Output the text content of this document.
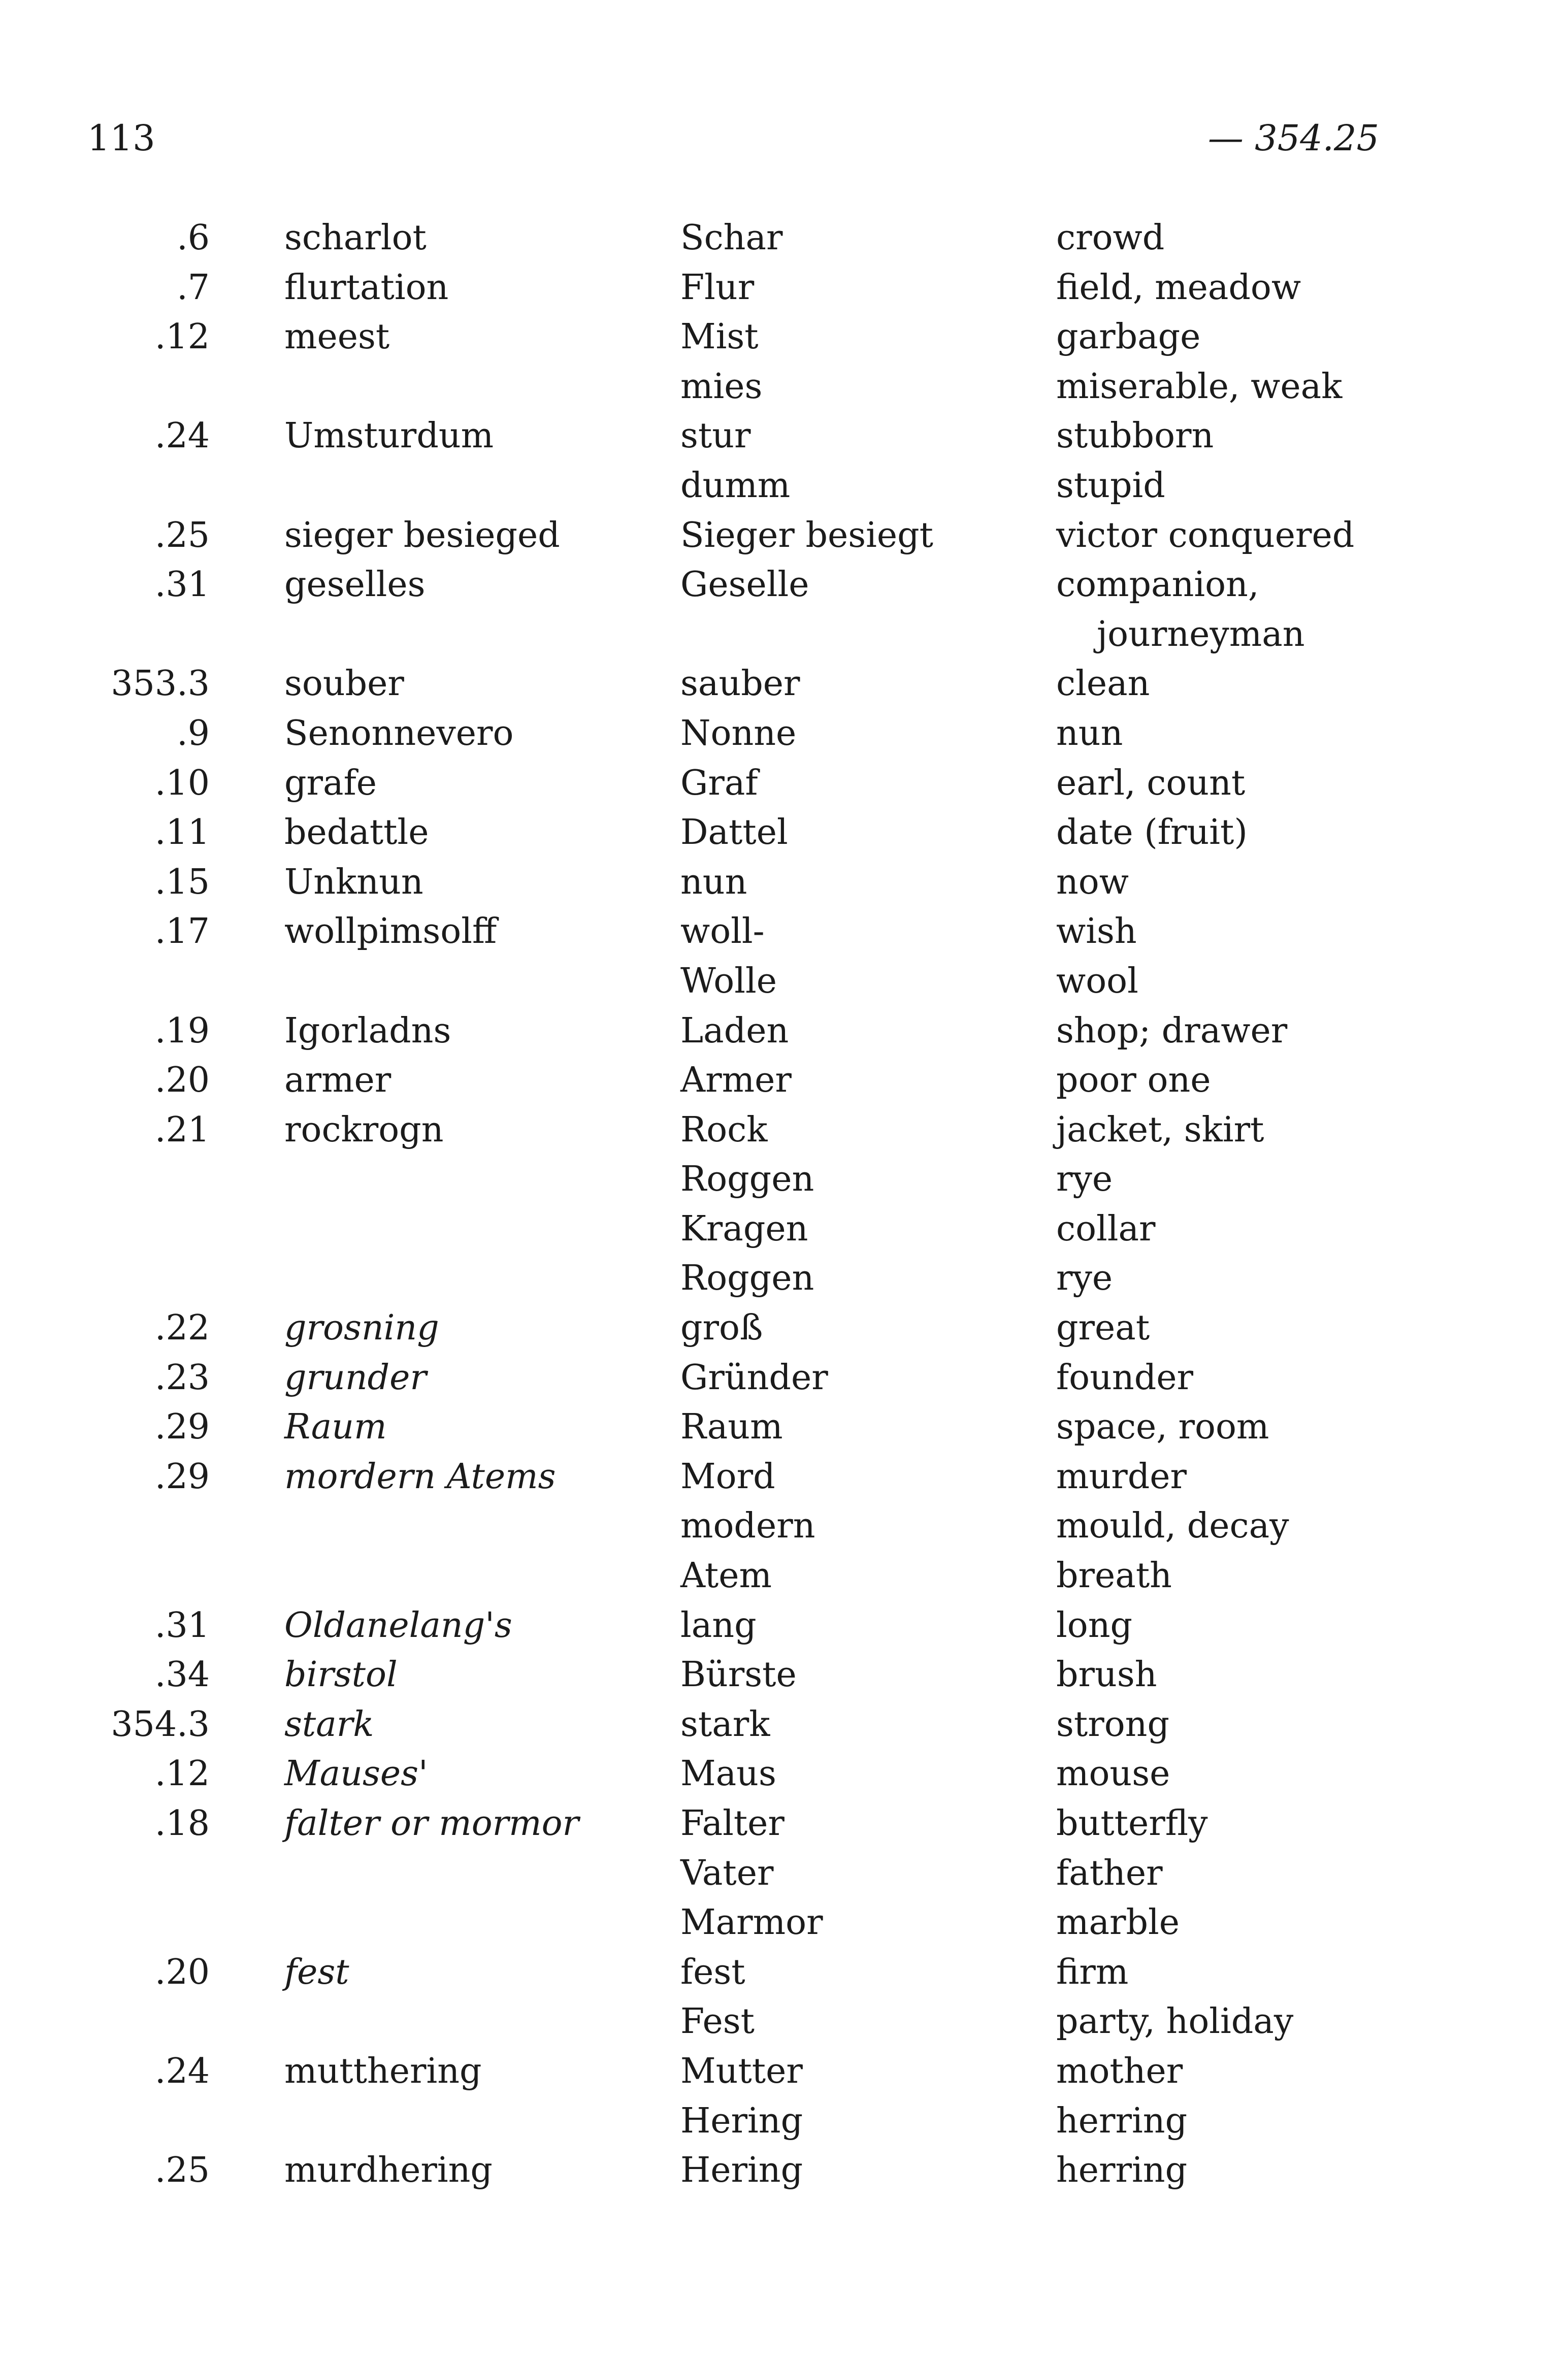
113	— 354.25
.6 scharlot	Schar	crowd
.7 flurtation	Flur	field, meadow
.12 meest	Mist	garbage
mies	miserable, weak
.24 Umsturdum	stur	stubborn
dumm	stupid
.25 sieger besieged	Sieger besiegt	victor conquered
.31 geselles	Geselle	companion,
journeyman
353.3 souber	sauber	clean
.9 Senonnevero	Nonne	nun
.10 grafe	Graf	earl, count
.11 bedattle	Dattel	date (fruit)
.15 Unknun	nun	now
.17 wollpimsolff	woll-	wish
Wolle	wool
.19 Igorladns	Laden	shop; drawer
.20 armer	Armer	poor one
.21 rockrogn	Rock	jacket, skirt
Roggen	rye
Kragen	collar
Roggen	rye
.22 grosning	groß	great
.23 grunder	Gründer	founder
.29 Raum	Raum	space, room
.29 mordern Atems	Mord	murder
modern	mould, decay
Atem	breath
.31 Oldanelang's	lang	long
.34 birstol	Bürste	brush
354.3 stark	stark	strong
.12 Mauses'	Maus	mouse
.18 falter or mormor	Falter	butterfly
Vater	father
Marmor	marble
.20 fest	fest	firm
Fest	party, holiday
.24 mutthering	Mutter	mother
Hering	herring
.25 murdhering	Hering	herring
